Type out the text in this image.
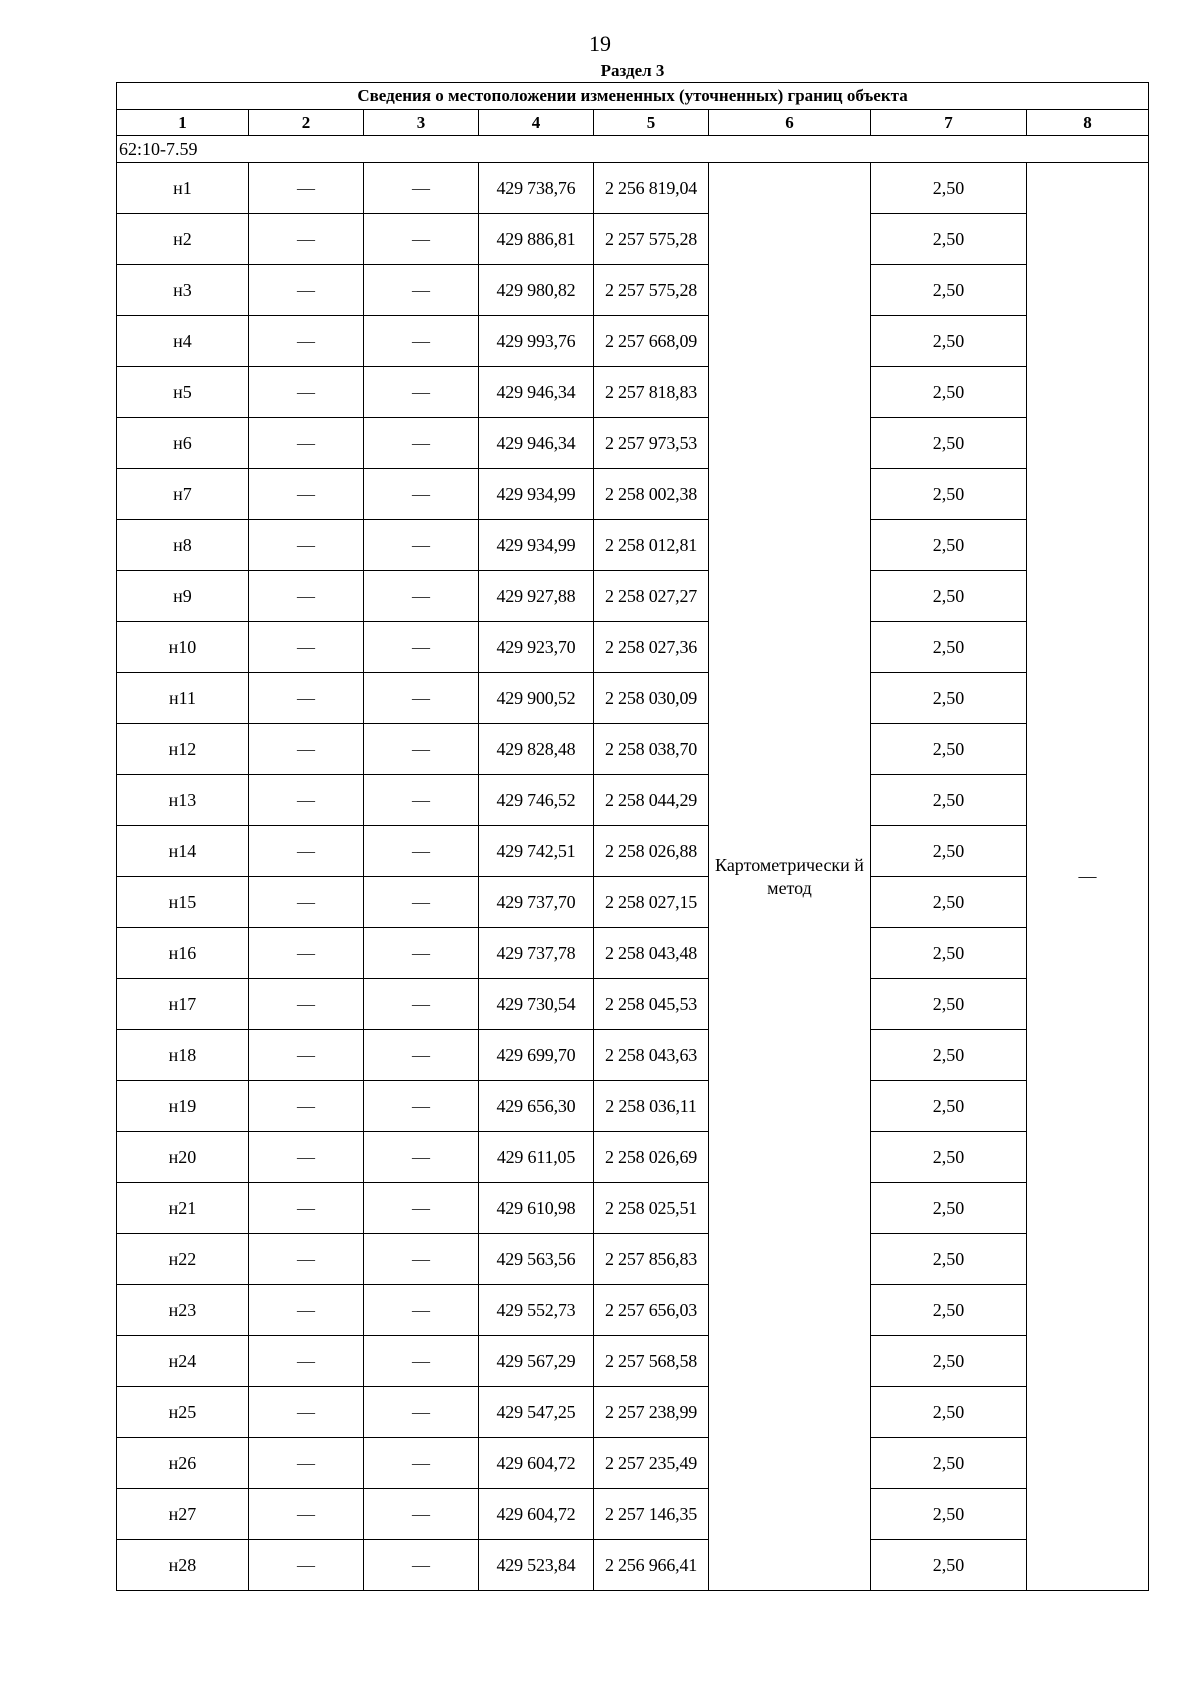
19
Раздел 3
Сведения о местоположении измененных (уточненных) границ объекта							
1	2	3	4	5	6	7	8
62:10-7.59							
н1	—	—	429 738,76	2 256 819,04	Картометрически й метод	2,50	—
н2	—	—	429 886,81	2 257 575,28		2,50	
н3	—	—	429 980,82	2 257 575,28		2,50	
н4	—	—	429 993,76	2 257 668,09		2,50	
н5	—	—	429 946,34	2 257 818,83		2,50	
н6	—	—	429 946,34	2 257 973,53		2,50	
н7	—	—	429 934,99	2 258 002,38		2,50	
н8	—	—	429 934,99	2 258 012,81		2,50	
н9	—	—	429 927,88	2 258 027,27		2,50	
н10	—	—	429 923,70	2 258 027,36		2,50	
н11	—	—	429 900,52	2 258 030,09		2,50	
н12	—	—	429 828,48	2 258 038,70		2,50	
н13	—	—	429 746,52	2 258 044,29		2,50	
н14	—	—	429 742,51	2 258 026,88		2,50	
н15	—	—	429 737,70	2 258 027,15		2,50	
н16	—	—	429 737,78	2 258 043,48		2,50	
н17	—	—	429 730,54	2 258 045,53		2,50	
н18	—	—	429 699,70	2 258 043,63		2,50	
н19	—	—	429 656,30	2 258 036,11		2,50	
н20	—	—	429 611,05	2 258 026,69		2,50	
н21	—	—	429 610,98	2 258 025,51		2,50	
н22	—	—	429 563,56	2 257 856,83		2,50	
н23	—	—	429 552,73	2 257 656,03		2,50	
н24	—	—	429 567,29	2 257 568,58		2,50	
н25	—	—	429 547,25	2 257 238,99		2,50	
н26	—	—	429 604,72	2 257 235,49		2,50	
н27	—	—	429 604,72	2 257 146,35		2,50	
н28	—	—	429 523,84	2 256 966,41		2,50	
